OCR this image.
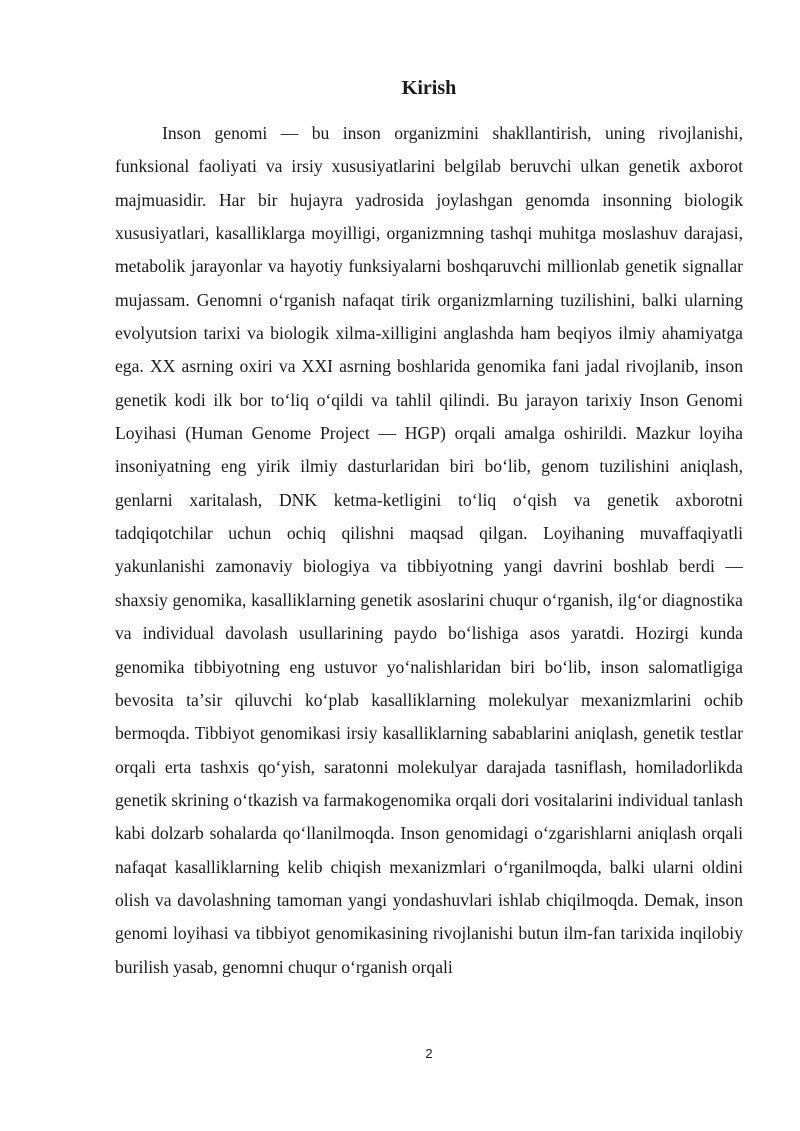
Kirish

Inson genomi — bu inson organizmini shakllantirish, uning rivojlanishi, funksional faoliyati va irsiy xususiyatlarini belgilab beruvchi ulkan genetik axborot majmuasidir. Har bir hujayra yadrosida joylashgan genomda insonning biologik xususiyatlari, kasalliklarga moyilligi, organizmning tashqi muhitga moslashuv darajasi, metabolik jarayonlar va hayotiy funksiyalarni boshqaruvchi millionlab genetik signallar mujassam. Genomni oʻrganish nafaqat tirik organizmlarning tuzilishini, balki ularning evolyutsion tarixi va biologik xilma-xilligini anglashda ham beqiyos ilmiy ahamiyatga ega. XX asrning oxiri va XXI asrning boshlarida genomika fani jadal rivojlanib, inson genetik kodi ilk bor toʻliq oʻqildi va tahlil qilindi. Bu jarayon tarixiy Inson Genomi Loyihasi (Human Genome Project — HGP) orqali amalga oshirildi. Mazkur loyiha insoniyatning eng yirik ilmiy dasturlaridan biri boʻlib, genom tuzilishini aniqlash, genlarni xaritalash, DNK ketma-ketligini toʻliq oʻqish va genetik axborotni tadqiqotchilar uchun ochiq qilishni maqsad qilgan. Loyihaning muvaffaqiyatli yakunlanishi zamonaviy biologiya va tibbiyotning yangi davrini boshlab berdi — shaxsiy genomika, kasalliklarning genetik asoslarini chuqur oʻrganish, ilgʻor diagnostika va individual davolash usullarining paydo boʻlishiga asos yaratdi. Hozirgi kunda genomika tibbiyotning eng ustuvor yoʻnalishlaridan biri boʻlib, inson salomatligiga bevosita taʼsir qiluvchi koʻplab kasalliklarning molekulyar mexanizmlarini ochib bermoqda. Tibbiyot genomikasi irsiy kasalliklarning sabablarini aniqlash, genetik testlar orqali erta tashxis qoʻyish, saratonni molekulyar darajada tasniflash, homiladorlikda genetik skrining oʻtkazish va farmakogenomika orqali dori vositalarini individual tanlash kabi dolzarb sohalarda qoʻllanilmoqda. Inson genomidagi oʻzgarishlarni aniqlash orqali nafaqat kasalliklarning kelib chiqish mexanizmlari oʻrganilmoqda, balki ularni oldini olish va davolashning tamoman yangi yondashuvlari ishlab chiqilmoqda. Demak, inson genomi loyihasi va tibbiyot genomikasining rivojlanishi butun ilm-fan tarixida inqilobiy burilish yasab, genomni chuqur oʻrganish orqali

2
